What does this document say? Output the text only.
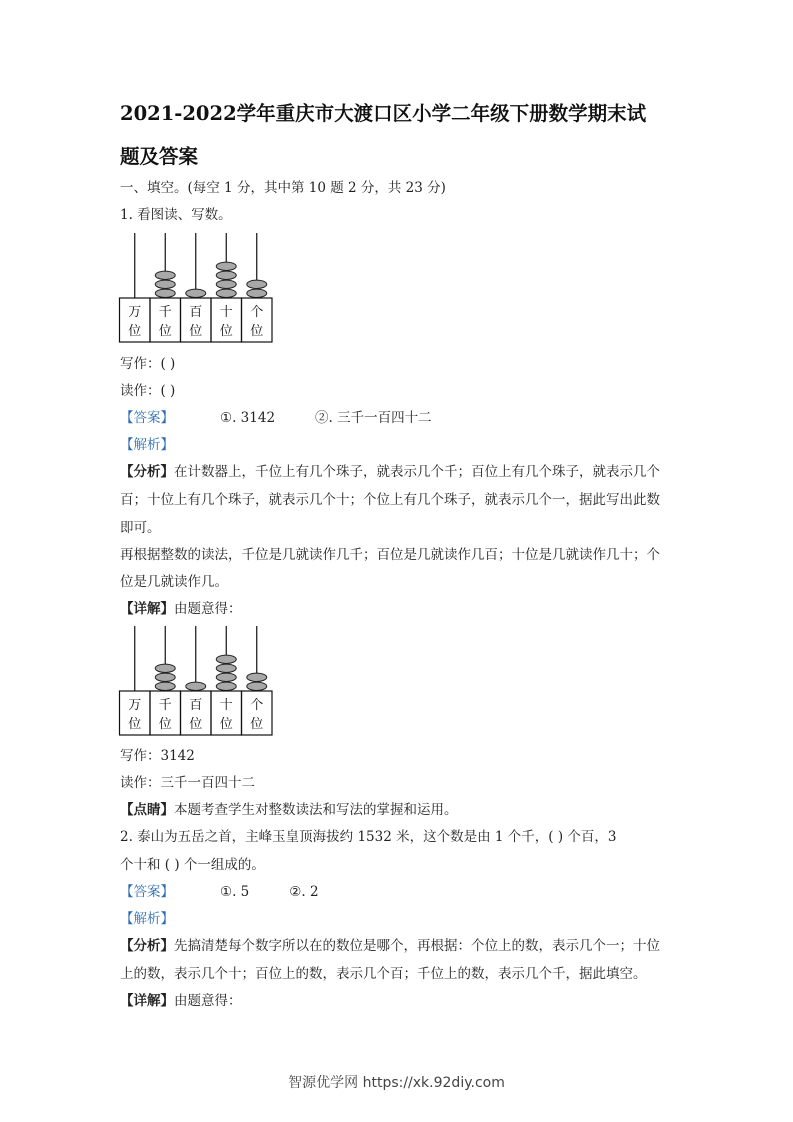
2021-2022学年重庆市大渡口区小学二年级下册数学期末试
题及答案
一、填空。(每空 1 分，其中第 10 题 2 分，共 23 分)
1. 看图读、写数。
万
位
千
位
百
位
十
位
个
位
写作：( )
读作：( )
【答案】	①. 3142	②. 三千一百四十二
【解析】
【分析】在计数器上，千位上有几个珠子，就表示几个千；百位上有几个珠子，就表示几个
百；十位上有几个珠子，就表示几个十；个位上有几个珠子，就表示几个一，据此写出此数
即可。
再根据整数的读法，千位是几就读作几千；百位是几就读作几百；十位是几就读作几十；个
位是几就读作几。
【详解】由题意得：
万
位
千
位
百
位
十
位
个
位
写作：3142
读作：三千一百四十二
【点睛】本题考查学生对整数读法和写法的掌握和运用。
2. 泰山为五岳之首，主峰玉皇顶海拔约 1532 米，这个数是由 1 个千，( ) 个百，3
个十和 ( ) 个一组成的。
【答案】	①. 5	②. 2
【解析】
【分析】先搞清楚每个数字所以在的数位是哪个，再根据：个位上的数，表示几个一；十位
上的数，表示几个十；百位上的数，表示几个百；千位上的数，表示几个千，据此填空。
【详解】由题意得：
智源优学网 https://xk.92diy.com
